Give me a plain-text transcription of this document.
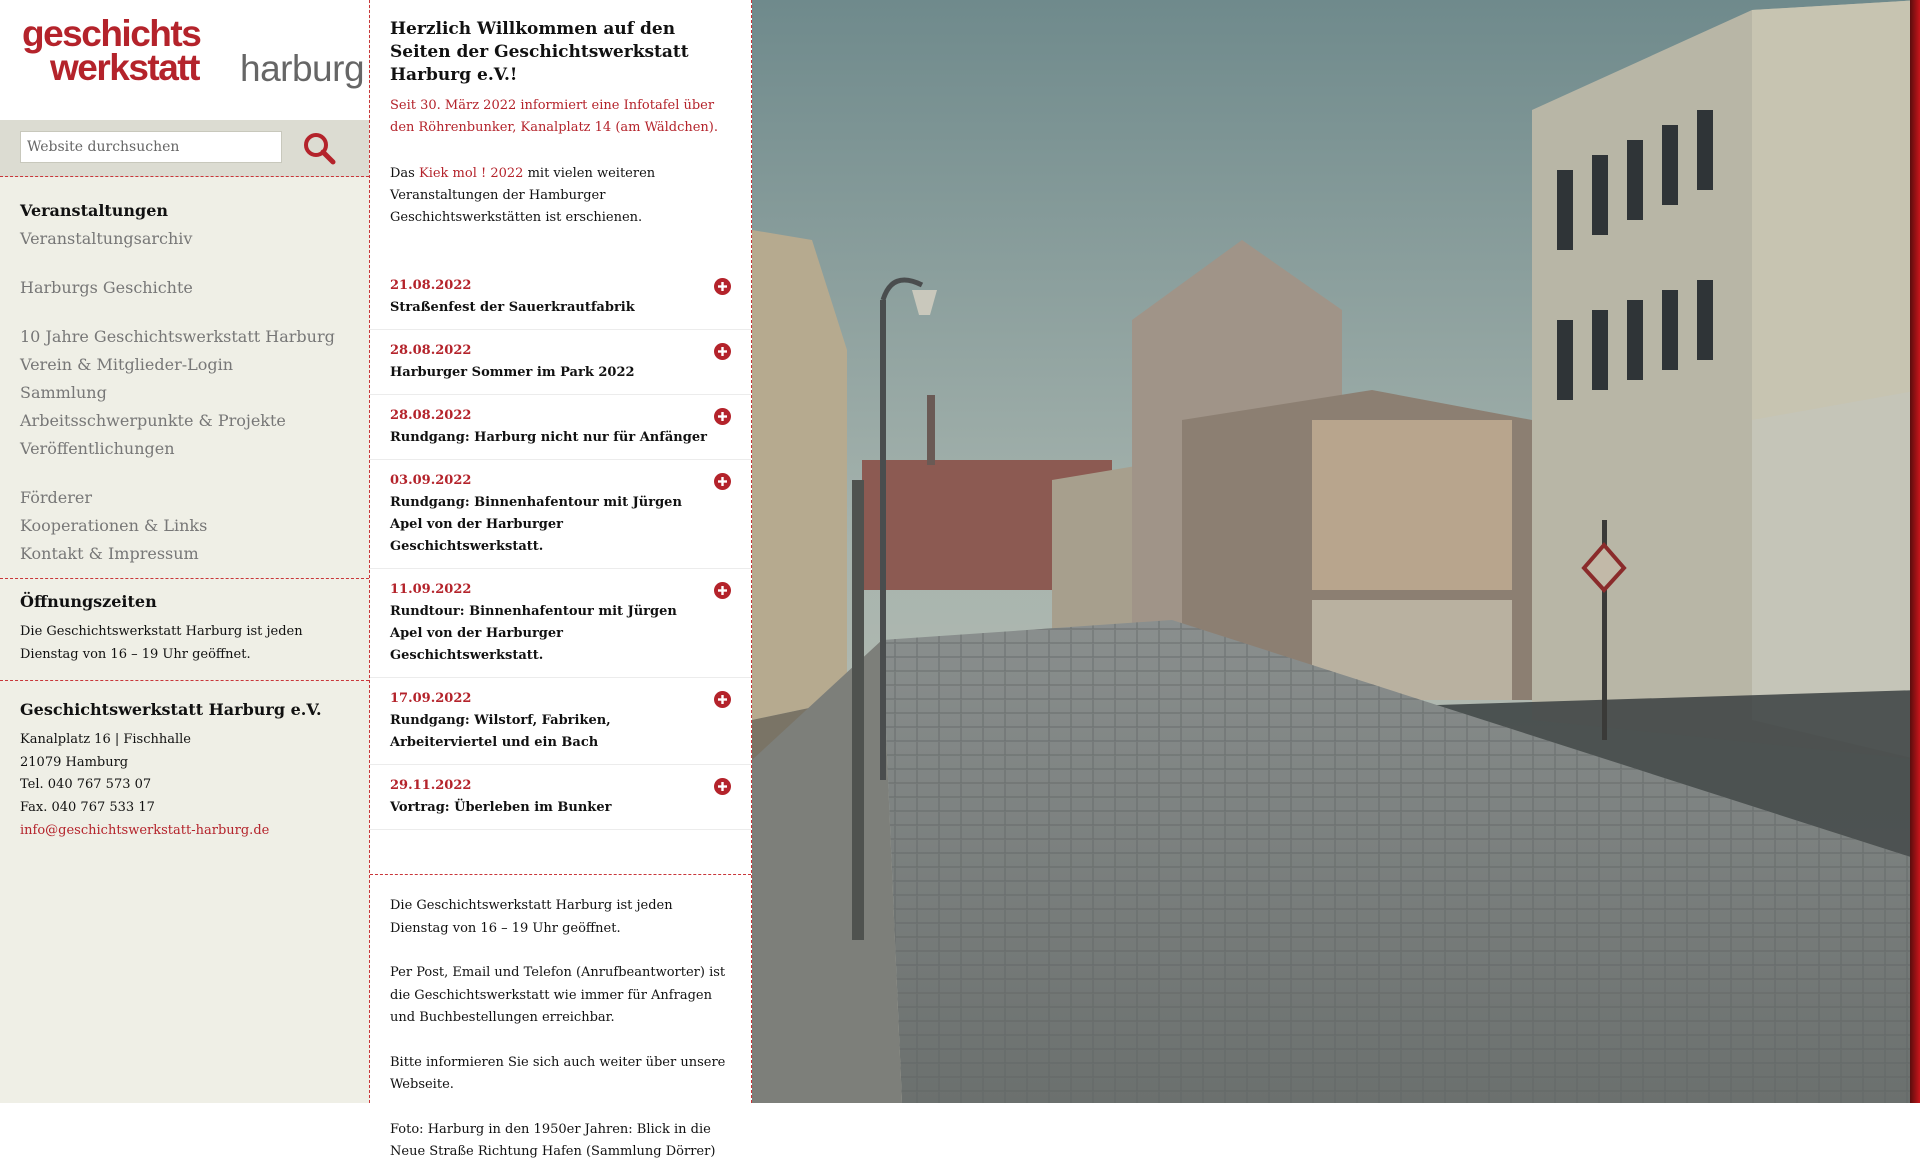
geschichts
werkstatt harburg
Website durchsuchen
Veranstaltungen
Veranstaltungsarchiv
Harburgs Geschichte
10 Jahre Geschichtswerkstatt Harburg
Verein & Mitglieder-Login
Sammlung
Arbeitsschwerpunkte & Projekte
Veröffentlichungen
Förderer
Kooperationen & Links
Kontakt & Impressum
Öffnungszeiten

Die Geschichtswerkstatt Harburg ist jeden Dienstag von 16 – 19 Uhr geöffnet.

Geschichtswerkstatt Harburg e.V.
Kanalplatz 16 | Fischhalle
21079 Hamburg
Tel. 040 767 573 07
Fax. 040 767 533 17
info@geschichtswerkstatt-harburg.de
Herzlich Willkommen auf den Seiten der Geschichtswerkstatt Harburg e.V.!

Seit 30. März 2022 informiert eine Infotafel über den Röhrenbunker, Kanalplatz 14 (am Wäldchen).

Das Kiek mol ! 2022 mit vielen weiteren Veranstaltungen der Hamburger Geschichtswerkstätten ist erschienen.

21.08.2022
Straßenfest der Sauerkrautfabrik
28.08.2022
Harburger Sommer im Park 2022
28.08.2022
Rundgang: Harburg nicht nur für Anfänger
03.09.2022
Rundgang: Binnenhafentour mit Jürgen Apel von der Harburger Geschichtswerkstatt.
11.09.2022
Rundtour: Binnenhafentour mit Jürgen Apel von der Harburger Geschichtswerkstatt.
17.09.2022
Rundgang: Wilstorf, Fabriken, Arbeiterviertel und ein Bach
29.11.2022
Vortrag: Überleben im Bunker

Die Geschichtswerkstatt Harburg ist jeden Dienstag von 16 – 19 Uhr geöffnet.

Per Post, Email und Telefon (Anrufbeantworter) ist die Geschichtswerkstatt wie immer für Anfragen und Buchbestellungen erreichbar.

Bitte informieren Sie sich auch weiter über unsere Webseite.

Foto: Harburg in den 1950er Jahren: Blick in die Neue Straße Richtung Hafen (Sammlung Dörrer)
